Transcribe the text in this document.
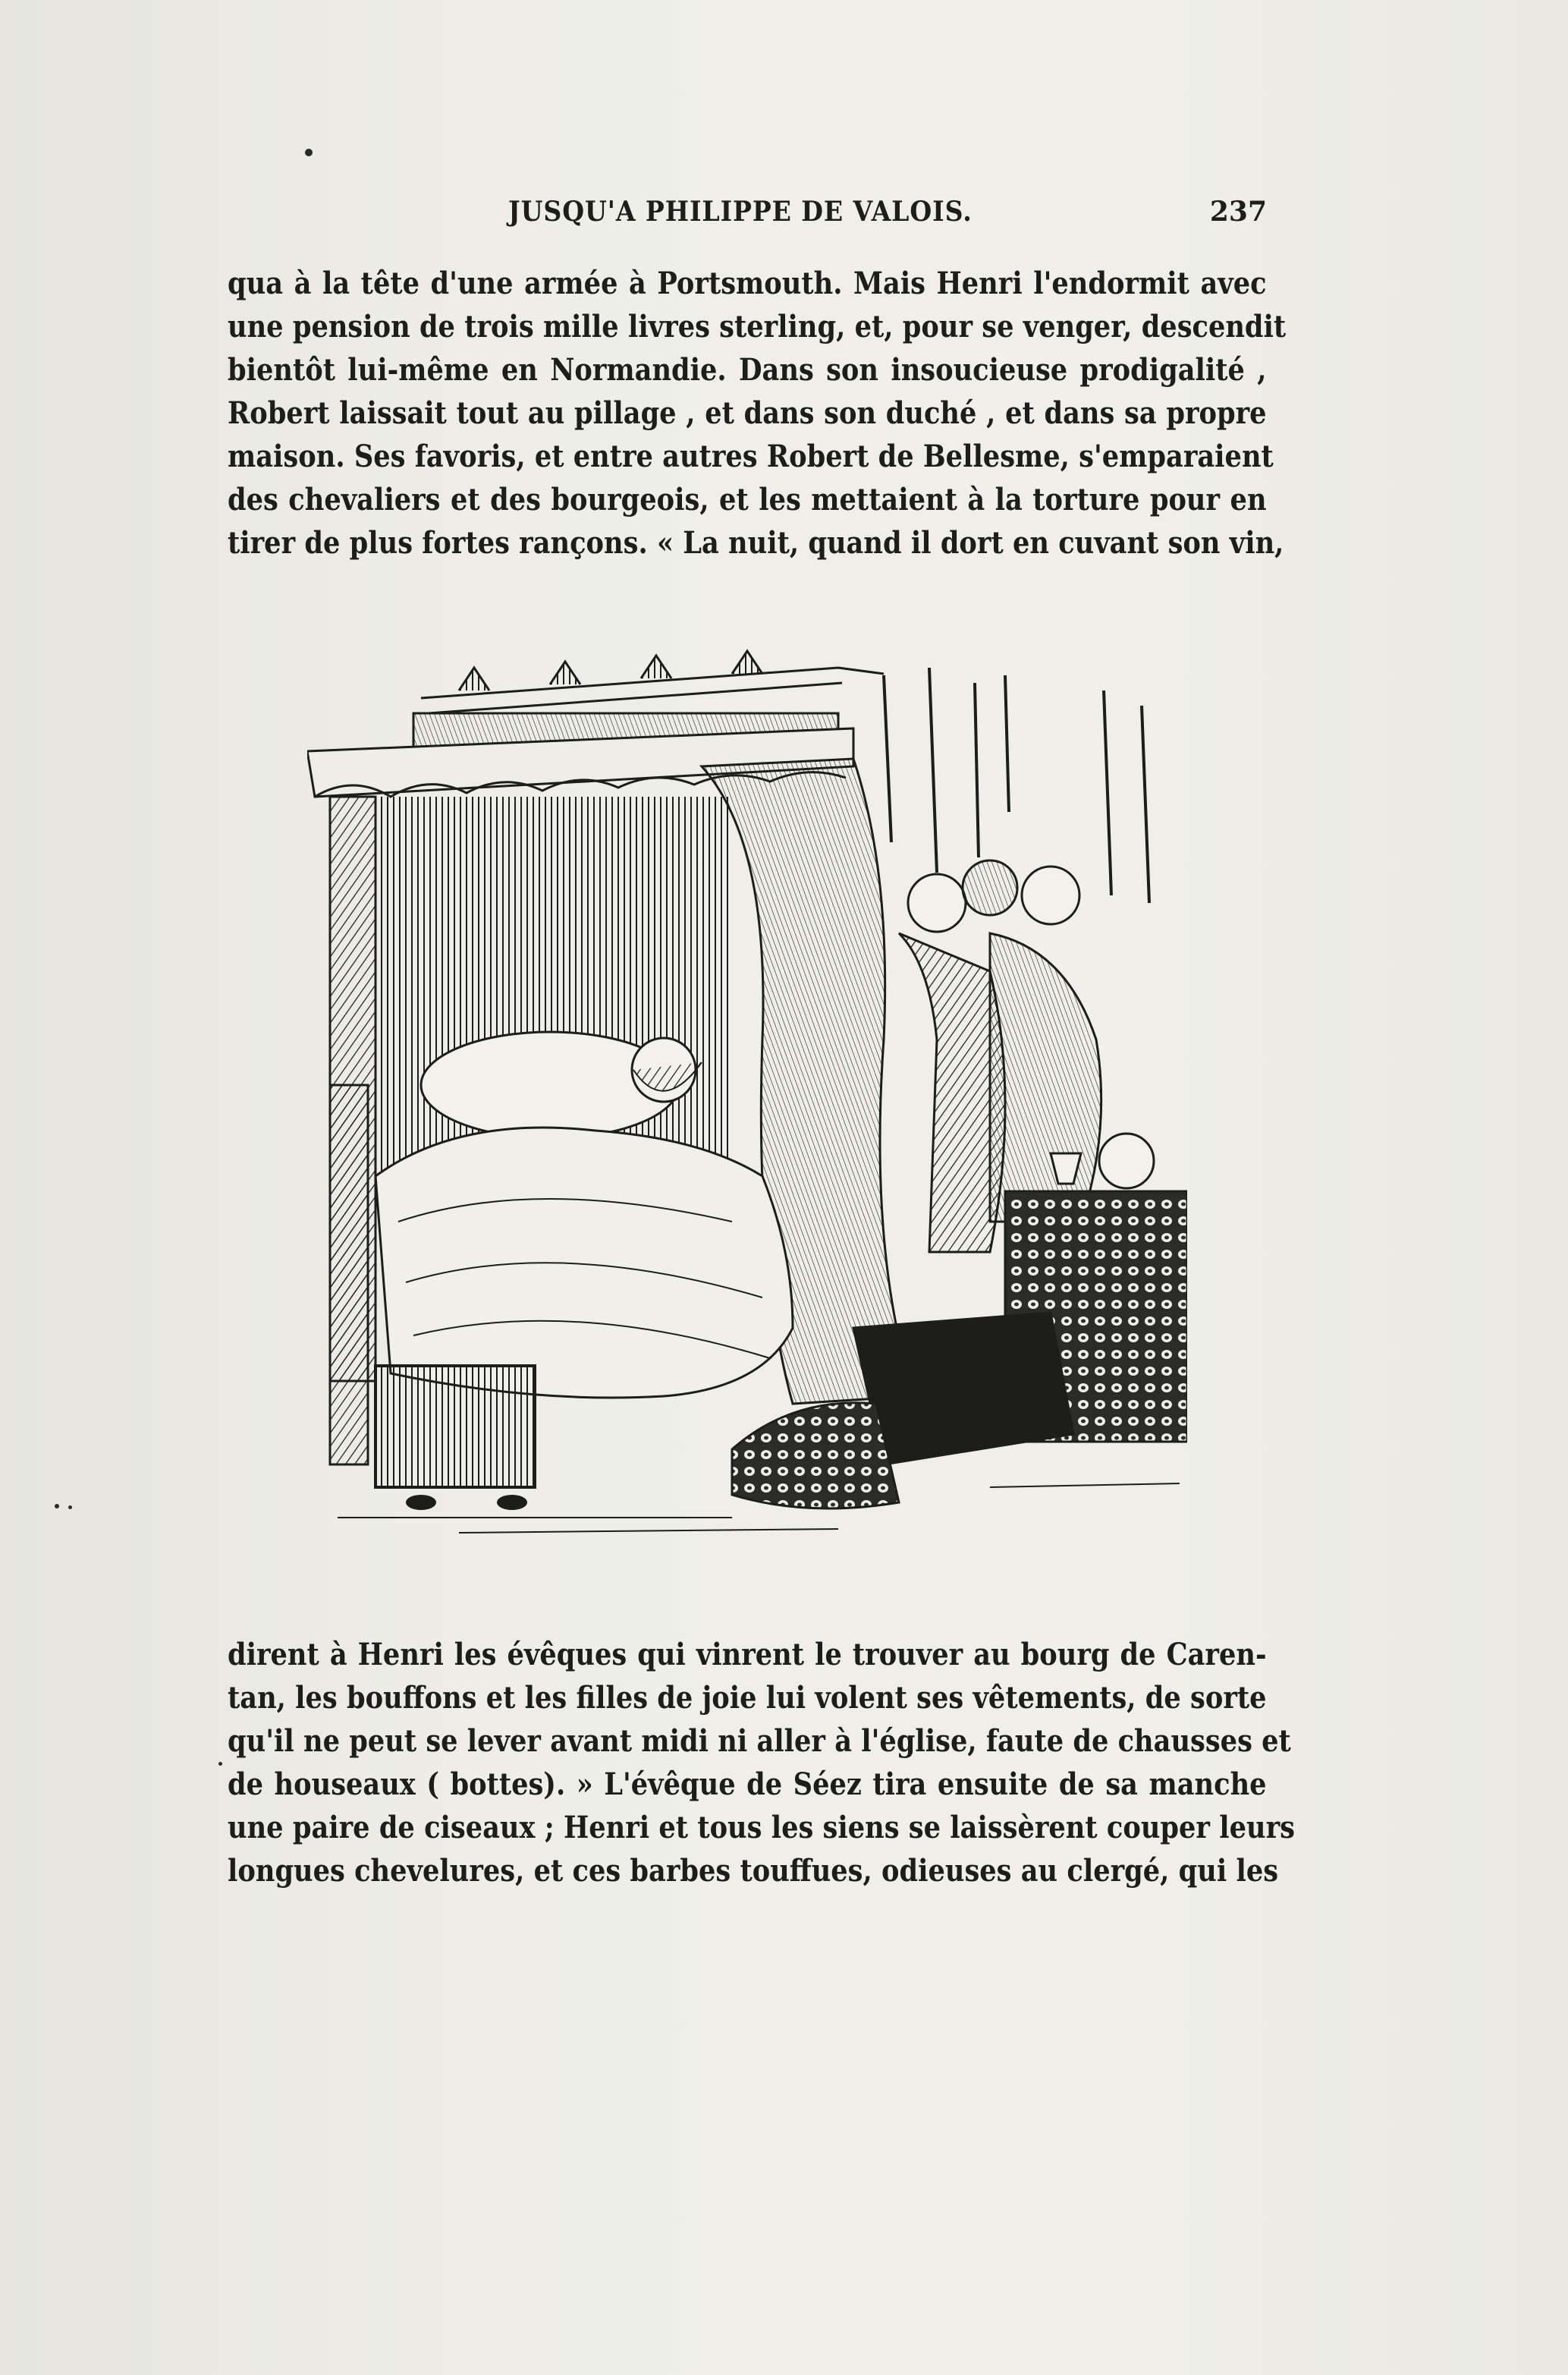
JUSQU'A PHILIPPE DE VALOIS.	237
qua à la tête d'une armée à Portsmouth. Mais Henri l'endormit avec
une pension de trois mille livres sterling, et, pour se venger, descendit
bientôt lui-même en Normandie. Dans son insoucieuse prodigalité ,
Robert laissait tout au pillage , et dans son duché , et dans sa propre
maison. Ses favoris, et entre autres Robert de Bellesme, s'emparaient
des chevaliers et des bourgeois, et les mettaient à la torture pour en
tirer de plus fortes rançons. « La nuit, quand il dort en cuvant son vin,
dirent à Henri les évêques qui vinrent le trouver au bourg de Caren-
tan, les bouffons et les filles de joie lui volent ses vêtements, de sorte
qu'il ne peut se lever avant midi ni aller à l'église, faute de chausses et
de houseaux ( bottes). » L'évêque de Séez tira ensuite de sa manche
une paire de ciseaux ; Henri et tous les siens se laissèrent couper leurs
longues chevelures, et ces barbes touffues, odieuses au clergé, qui les
